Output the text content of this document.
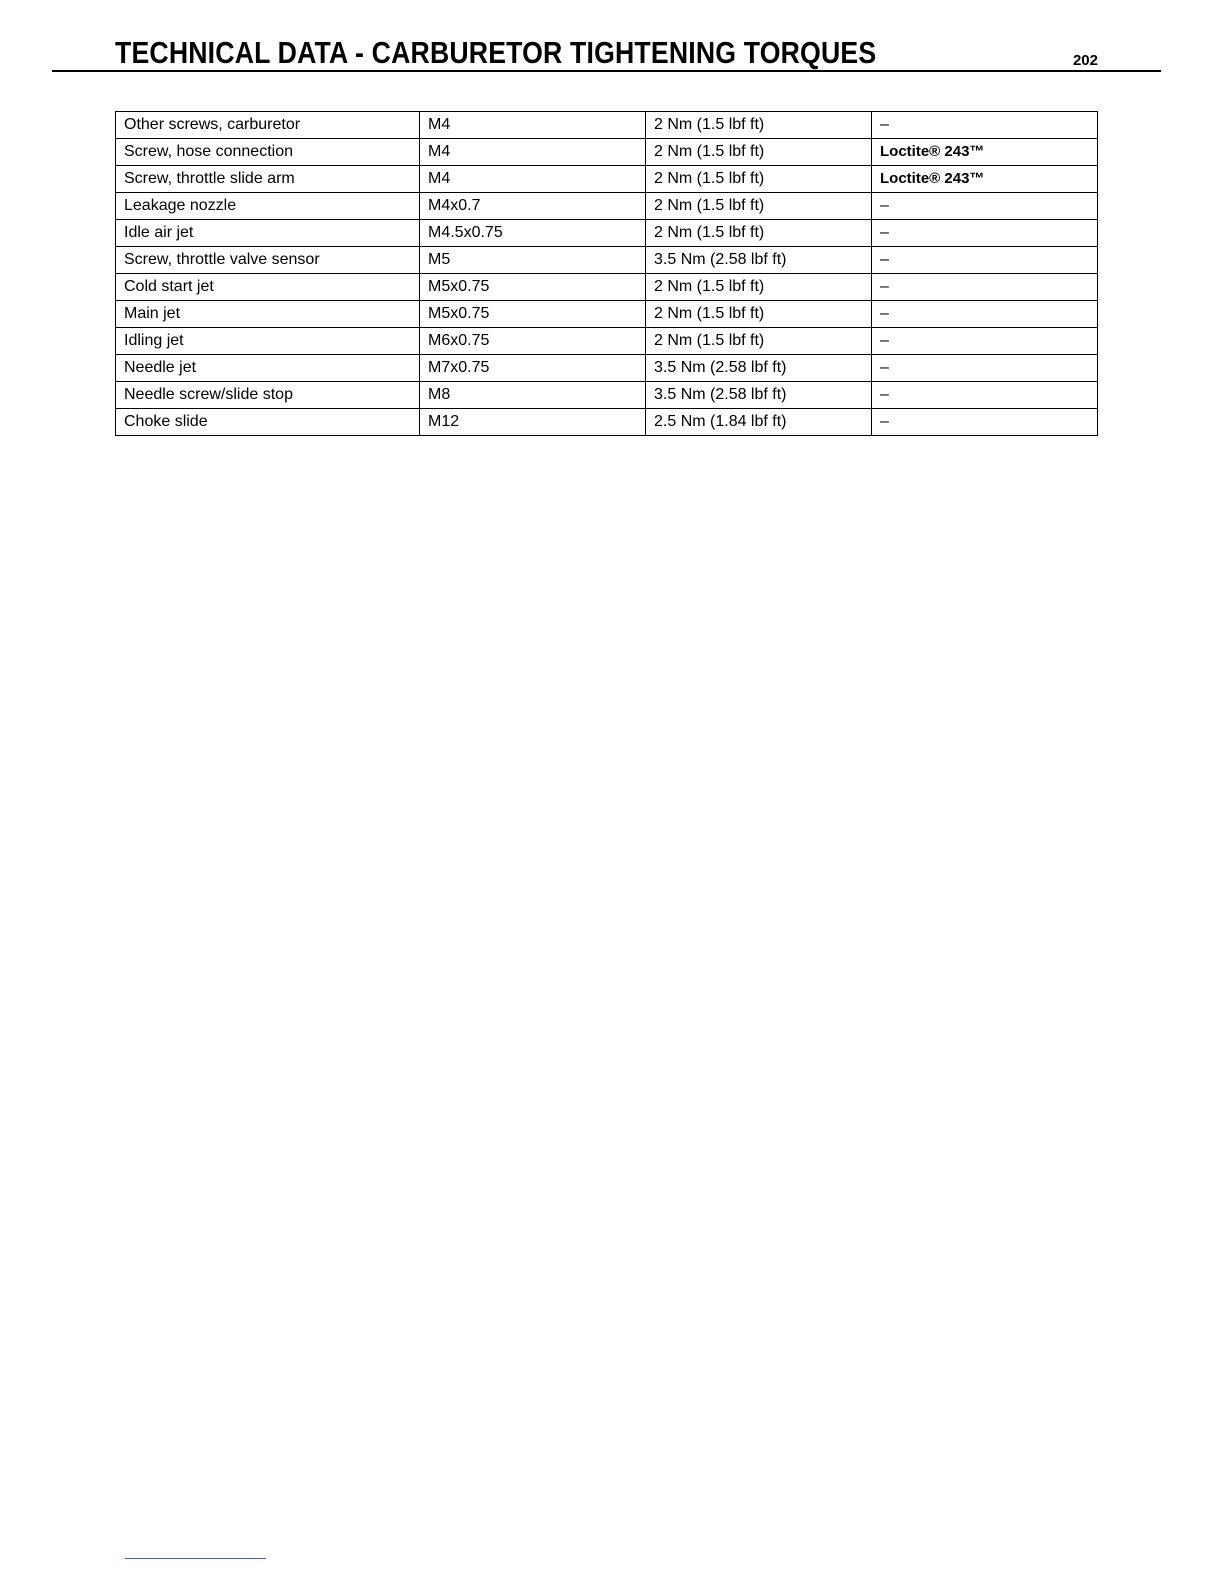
TECHNICAL DATA - CARBURETOR TIGHTENING TORQUES	202
Other screws, carburetor	M4	2 Nm (1.5 lbf ft)	–
Screw, hose connection	M4	2 Nm (1.5 lbf ft)	Loctite® 243™
Screw, throttle slide arm	M4	2 Nm (1.5 lbf ft)	Loctite® 243™
Leakage nozzle	M4x0.7	2 Nm (1.5 lbf ft)	–
Idle air jet	M4.5x0.75	2 Nm (1.5 lbf ft)	–
Screw, throttle valve sensor	M5	3.5 Nm (2.58 lbf ft)	–
Cold start jet	M5x0.75	2 Nm (1.5 lbf ft)	–
Main jet	M5x0.75	2 Nm (1.5 lbf ft)	–
Idling jet	M6x0.75	2 Nm (1.5 lbf ft)	–
Needle jet	M7x0.75	3.5 Nm (2.58 lbf ft)	–
Needle screw/slide stop	M8	3.5 Nm (2.58 lbf ft)	–
Choke slide	M12	2.5 Nm (1.84 lbf ft)	–
